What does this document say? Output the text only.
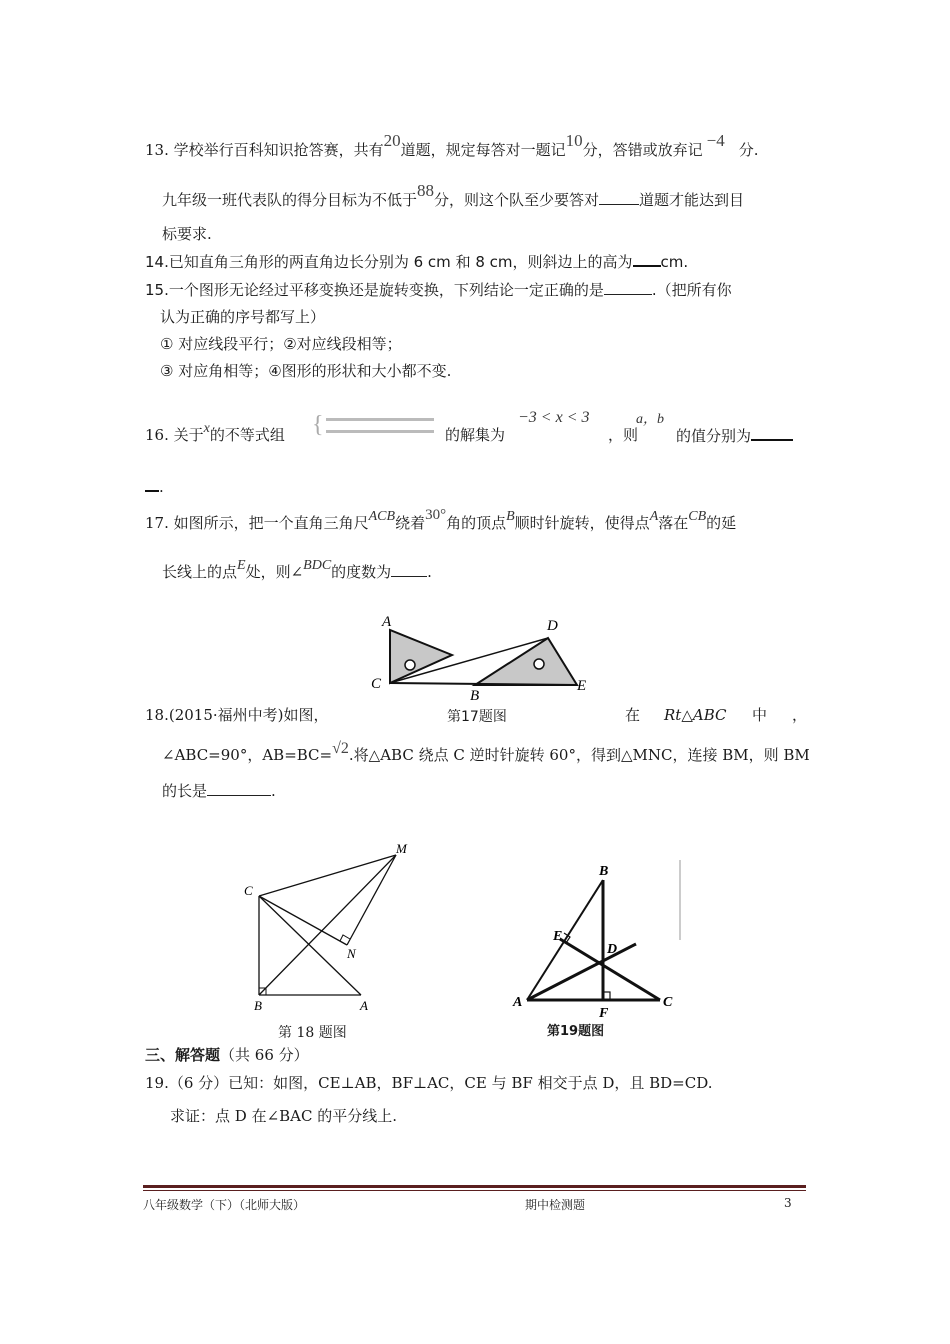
13. 学校举行百科知识抢答赛，共有20道题，规定每答对一题记10分，答错或放弃记 −4 分.
九年级一班代表队的得分目标为不低于88分，则这个队至少要答对	道题才能达到目
标要求.
14.已知直角三角形的两直角边长分别为 6 cm 和 8 cm，则斜边上的高为 cm.
15.一个图形无论经过平移变换还是旋转变换，下列结论一定正确的是	.（把所有你
认为正确的序号都写上）
① 对应线段平行；②对应线段相等；
③ 对应角相等；④图形的形状和大小都不变.
16. 关于x的不等式组 {	的解集为
−3 < x < 3
，则
a，b
的值分别为
.
17. 如图所示，把一个直角三角尺ACB绕着30°角的顶点B顺时针旋转，使得点A落在CB的延
长线上的点E处，则∠BDC的度数为 .
A
C
B
D
E
18.(2015·福州中考)如图，	第17题图	在 Rt△ABC 中 ，
∠ABC=90°，AB=BC=√2.将△ABC 绕点 C 逆时针旋转 60°，得到△MNC，连接 BM，则 BM
的长是	.
M
C
N
B	A
第 18 题图
B
E
D
A	C
F
第19题图
三、解答题（共 66 分）
19.（6 分）已知：如图，CE⊥AB，BF⊥AC，CE 与 BF 相交于点 D，且 BD=CD.
求证：点 D 在∠BAC 的平分线上.
八年级数学（下）（北师大版）	期中检测题	3
